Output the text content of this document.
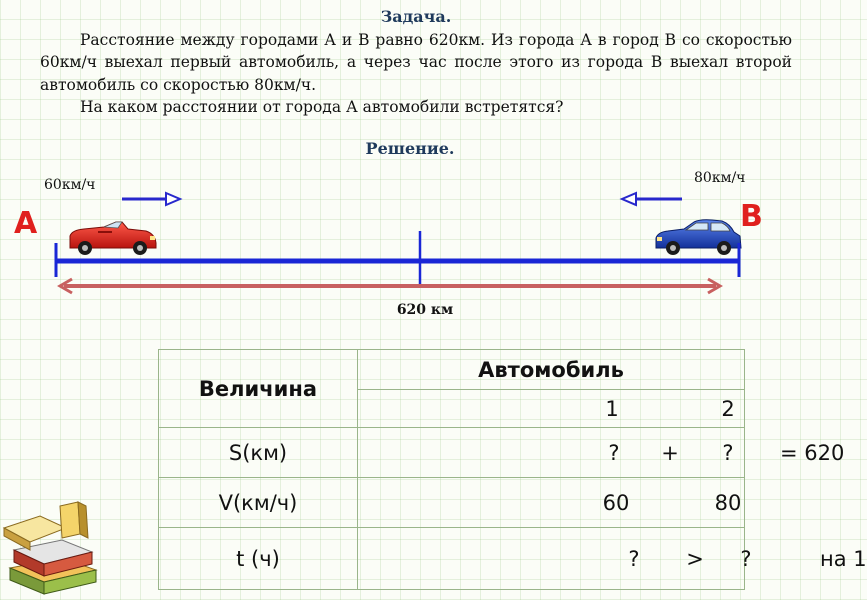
Задача.

Расстояние между городами А и В равно 620км. Из города А в город В со скоростью 60км/ч выехал первый автомобиль, а через час после этого из города В выехал второй автомобиль со скоростью 80км/ч.

На каком расстоянии от города А автомобили встретятся?

Решение.
60км/ч	80км/ч
А	В
620 км
Величина	Автомобиль

	1 2

S(км)	? + ? = 620

V(км/ч)	60 80

t (ч)	? > ? на 1
